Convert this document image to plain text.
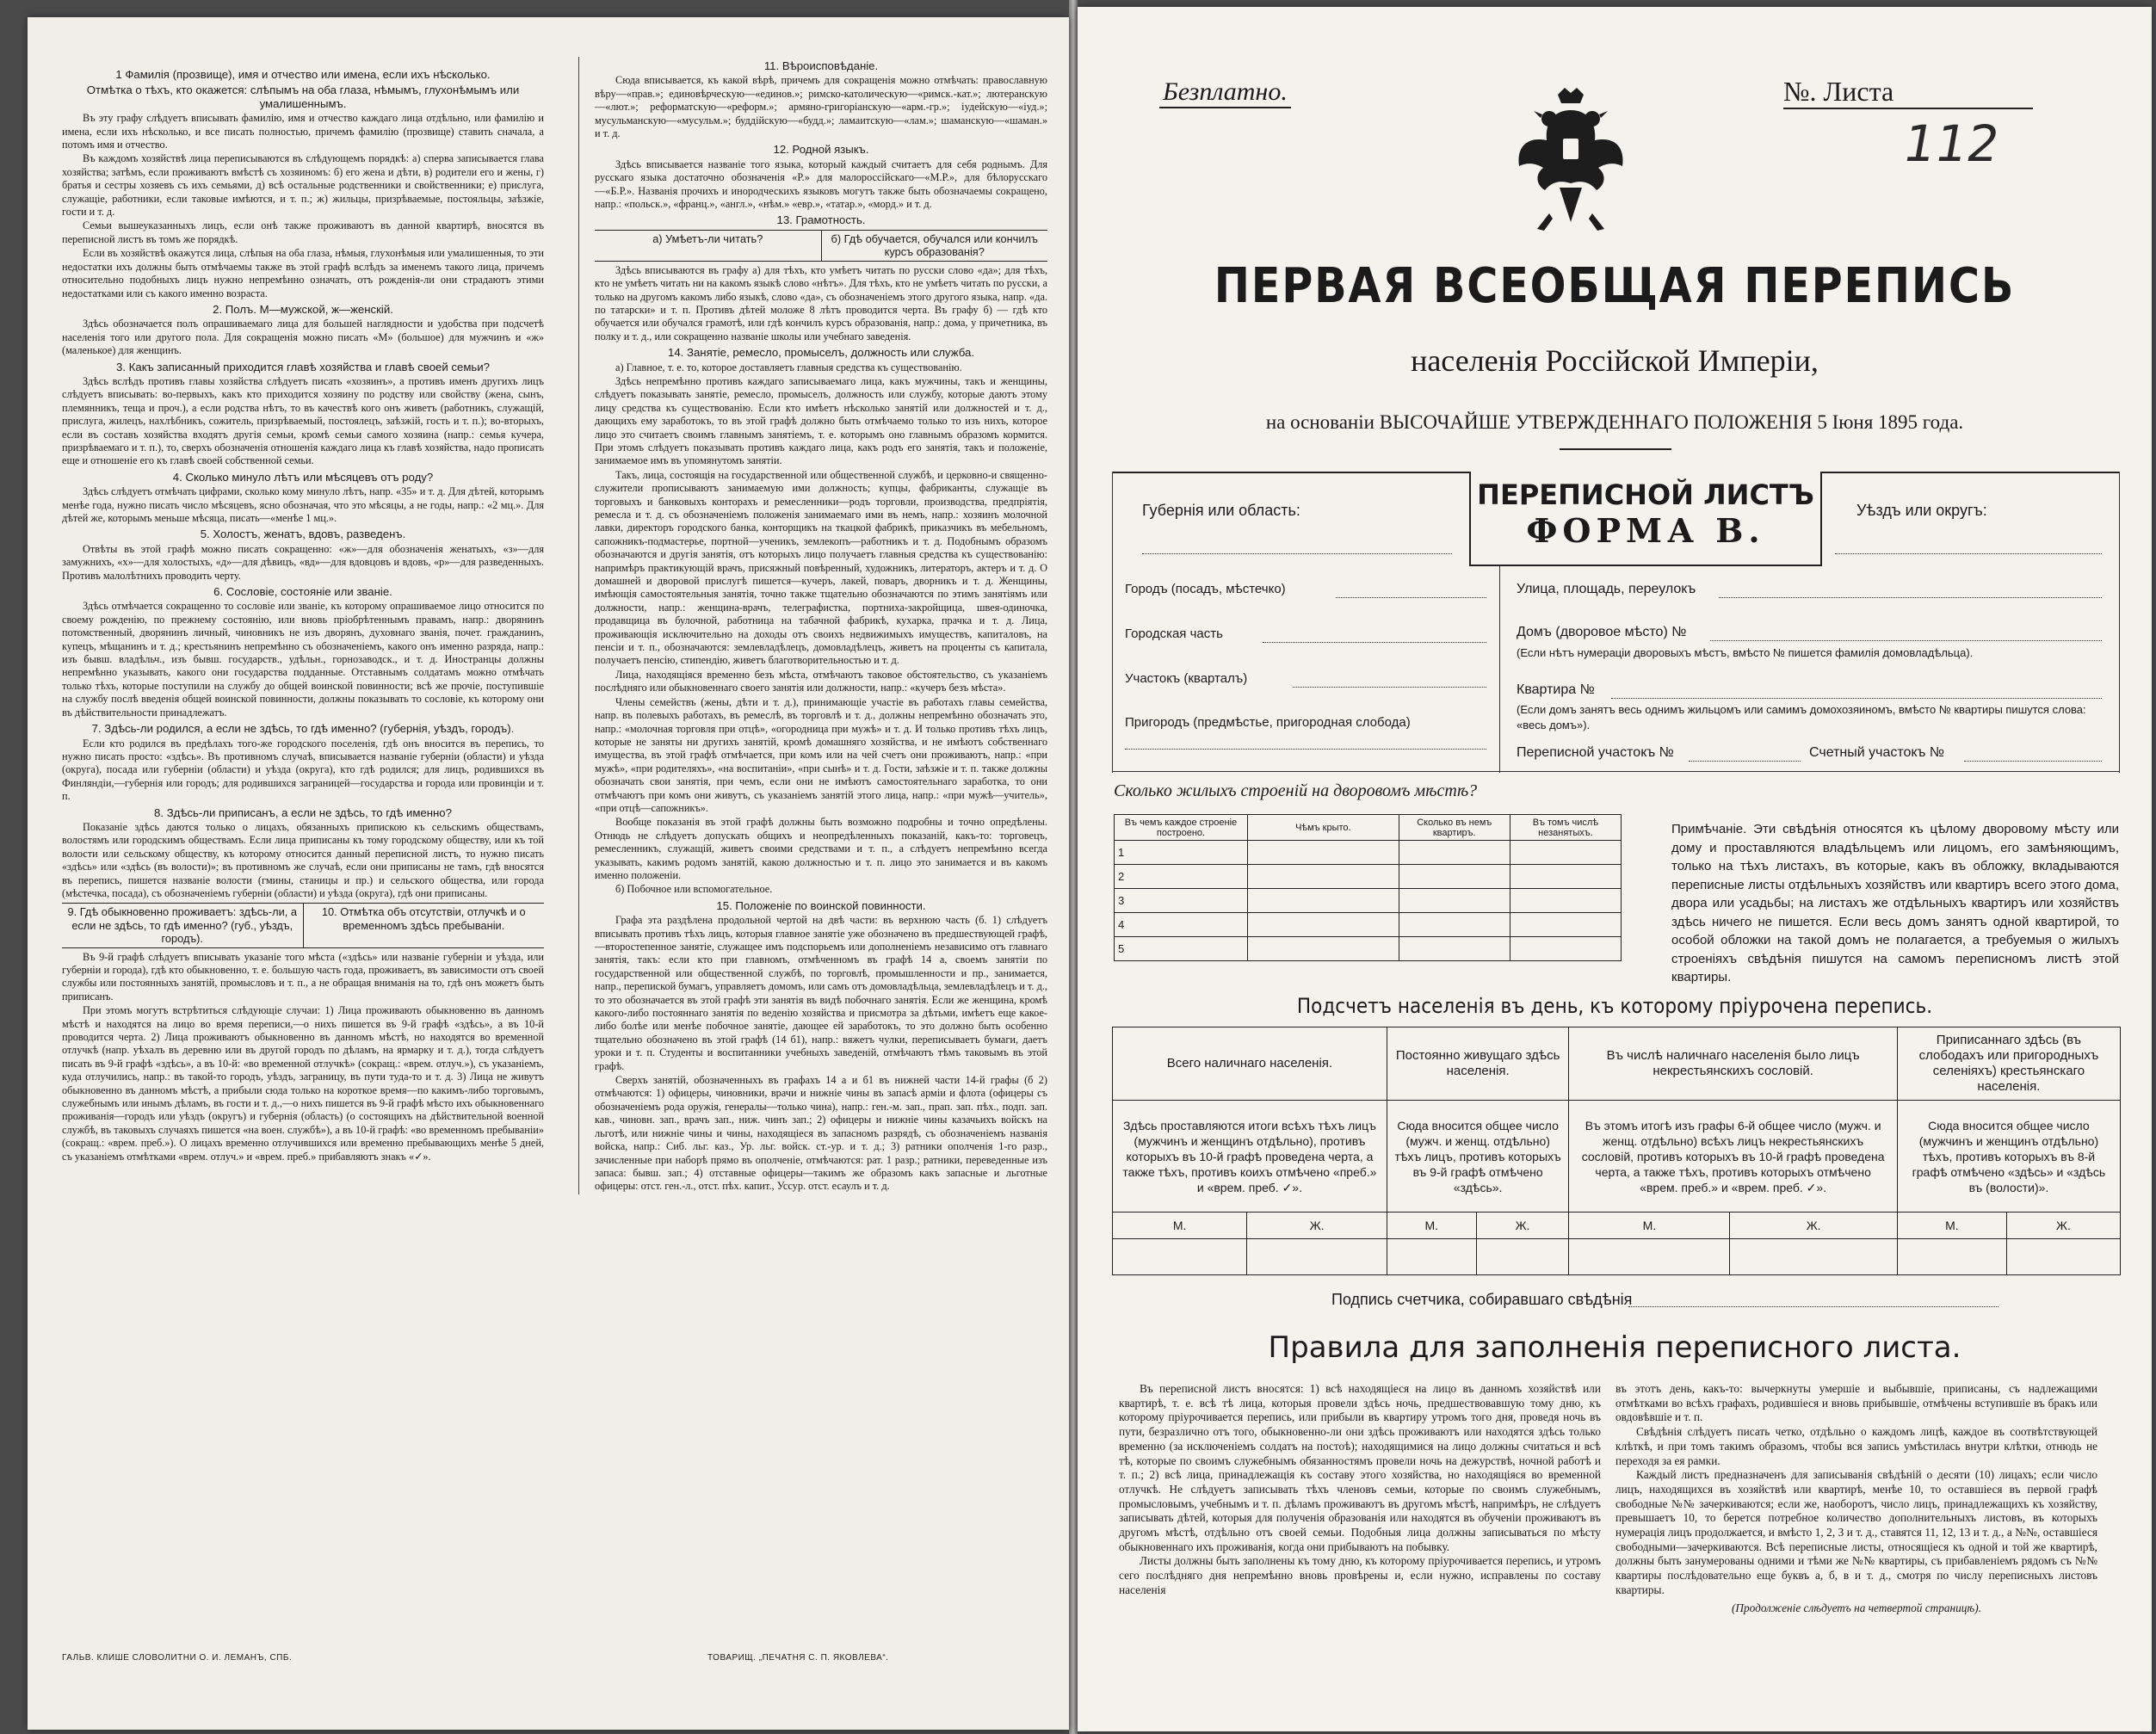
1 Фамилія (прозвище), имя и отчество или имена, если ихъ нѣсколько.
Отмѣтка о тѣхъ, кто окажется: слѣпымъ на оба глаза, нѣмымъ, глухонѣмымъ или умалишеннымъ.

Въ эту графу слѣдуетъ вписывать фамилію, имя и отчество каждаго лица отдѣльно, или фамилію и имена, если ихъ нѣсколько, и все писать полностью, причемъ фамилію (прозвище) ставить сначала, а потомъ имя и отчество.

Въ каждомъ хозяйствѣ лица переписываются въ слѣдующемъ порядкѣ: а) сперва записывается глава хозяйства; затѣмъ, если проживаютъ вмѣстѣ съ хозяиномъ: б) его жена и дѣти, в) родители его и жены, г) братья и сестры хозяевъ съ ихъ семьями, д) всѣ остальные родственники и свойственники; е) прислуга, служащіе, работники, если таковые имѣются, и т. п.; ж) жильцы, призрѣваемые, постояльцы, заѣзжіе, гости и т. д.

Семьи вышеуказанныхъ лицъ, если онѣ также проживаютъ въ данной квартирѣ, вносятся въ переписной листъ въ томъ же порядкѣ.

Если въ хозяйствѣ окажутся лица, слѣпыя на оба глаза, нѣмыя, глухонѣмыя или умалишенныя, то эти недостатки ихъ должны быть отмѣчаемы также въ этой графѣ вслѣдъ за именемъ такого лица, причемъ относительно подобныхъ лицъ нужно непремѣнно означать, отъ рожденія-ли они страдаютъ этими недостатками или съ какого именно возраста.

2. Полъ. М—мужской, ж—женскій.

Здѣсь обозначается полъ опрашиваемаго лица для большей наглядности и удобства при подсчетѣ населенія того или другого пола. Для сокращенія можно писать «М» (большое) для мужчинъ и «ж» (маленькое) для женщинъ.

3. Какъ записанный приходится главѣ хозяйства и главѣ своей семьи?

Здѣсь вслѣдъ противъ главы хозяйства слѣдуетъ писать «хозяинъ», а противъ именъ другихъ лицъ слѣдуетъ вписывать: во-первыхъ, какъ кто приходится хозяину по родству или свойству (жена, сынъ, племянникъ, теща и проч.), а если родства нѣтъ, то въ качествѣ кого онъ живетъ (работникъ, служащій, прислуга, жилецъ, нахлѣбникъ, сожитель, призрѣваемый, постоялецъ, заѣзжій, гость и т. п.); во-вторыхъ, если въ составъ хозяйства входятъ другія семьи, кромѣ семьи самого хозяина (напр.: семья кучера, призрѣваемаго и т. п.), то, сверхъ обозначенія отношенія каждаго лица къ главѣ хозяйства, надо прописать еще и отношеніе его къ главѣ своей собственной семьи.

4. Сколько минуло лѣтъ или мѣсяцевъ отъ роду?

Здѣсь слѣдуетъ отмѣчать цифрами, сколько кому минуло лѣтъ, напр. «35» и т. д. Для дѣтей, которымъ менѣе года, нужно писать число мѣсяцевъ, ясно обозначая, что это мѣсяцы, а не годы, напр.: «2 мц.». Для дѣтей же, которымъ меньше мѣсяца, писать—«менѣе 1 мц.».

5. Холостъ, женатъ, вдовъ, разведенъ.

Отвѣты въ этой графѣ можно писать сокращенно: «ж»—для обозначенія женатыхъ, «з»—для замужнихъ, «х»—для холостыхъ, «д»—для дѣвицъ, «вд»—для вдовцовъ и вдовъ, «р»—для разведенныхъ. Противъ малолѣтнихъ проводить черту.

6. Сословіе, состояніе или званіе.

Здѣсь отмѣчается сокращенно то сословіе или званіе, къ которому опрашиваемое лицо относится по своему рожденію, по прежнему состоянію, или вновь пріобрѣтеннымъ правамъ, напр.: дворянинъ потомственный, дворянинъ личный, чиновникъ не изъ дворянъ, духовнаго званія, почет. гражданинъ, купецъ, мѣщанинъ и т. д.; крестьянинъ непремѣнно съ обозначеніемъ, какого онъ именно разряда, напр.: изъ бывш. владѣльч., изъ бывш. государств., удѣльн., горнозаводск., и т. д. Иностранцы должны непремѣнно указывать, какого они государства подданные. Отставнымъ солдатамъ можно отмѣчать только тѣхъ, которые поступили на службу до общей воинской повинности; всѣ же прочіе, поступившіе на службу послѣ введенія общей воинской повинности, должны показывать то сословіе, къ которому они въ дѣйствительности принадлежатъ.

7. Здѣсь-ли родился, а если не здѣсь, то гдѣ именно? (губернія, уѣздъ, городъ).

Если кто родился въ предѣлахъ того-же городского поселенія, гдѣ онъ вносится въ перепись, то нужно писать просто: «здѣсь». Въ противномъ случаѣ, вписывается названіе губерніи (области) и уѣзда (округа), посада или губерніи (области) и уѣзда (округа), кто гдѣ родился; для лицъ, родившихся въ Финляндіи,—губернія или городъ; для родившихся заграницей—государства и города или провинціи и т. п.

8. Здѣсь-ли приписанъ, а если не здѣсь, то гдѣ именно?

Показаніе здѣсь даются только о лицахъ, обязанныхъ припискою къ сельскимъ обществамъ, волостямъ или городскимъ обществамъ. Если лица приписаны къ тому городскому обществу, или къ той волости или сельскому обществу, къ которому относится данный переписной листъ, то нужно писать «здѣсь» или «здѣсь (въ волости)»; въ противномъ же случаѣ, если они приписаны не тамъ, гдѣ вносятся въ перепись, пишется названіе волости (гмины, станицы и пр.) и сельского общества, или города (мѣстечка, посада), съ обозначеніемъ губерніи (области) и уѣзда (округа), гдѣ они приписаны.

9. Гдѣ обыкновенно проживаетъ: здѣсь-ли, а если не здѣсь, то гдѣ именно? (губ., уѣздъ, городъ).
10. Отмѣтка объ отсутствіи, отлучкѣ и о временномъ здѣсь пребываніи.

Въ 9-й графѣ слѣдуетъ вписывать указаніе того мѣста («здѣсь» или названіе губерніи и уѣзда, или губерніи и города), гдѣ кто обыкновенно, т. е. большую часть года, проживаетъ, въ зависимости отъ своей службы или постоянныхъ занятій, промысловъ и т. п., а не обращая вниманія на то, гдѣ онъ можетъ быть приписанъ.

При этомъ могутъ встрѣтиться слѣдующіе случаи: 1) Лица проживають обыкновенно въ данномъ мѣстѣ и находятся на лицо во время переписи,—о нихъ пишется въ 9-й графѣ «здѣсь», а въ 10-й проводится черта. 2) Лица проживаютъ обыкновенно въ данномъ мѣстѣ, но находятся во временной отлучкѣ (напр. уѣхалъ въ деревню или въ другой городъ по дѣламъ, на ярмарку и т. д.), тогда слѣдуетъ писать въ 9-й графѣ «здѣсь», а въ 10-й: «во временной отлучкѣ» (сокращ.: «врем. отлуч.»), съ указаніемъ, куда отлучились, напр.: въ такой-то городъ, уѣздъ, заграницу, въ пути туда-то и т. д. 3) Лица не живутъ обыкновенно въ данномъ мѣстѣ, а прибыли сюда только на короткое время—по какимъ-либо торговымъ, служебнымъ или инымъ дѣламъ, въ гости и т. д.,—о нихъ пишется въ 9-й графѣ мѣсто ихъ обыкновеннаго проживанія—городъ или уѣздъ (округъ) и губернія (область) (о состоящихъ на дѣйствительной военной службѣ, въ таковыхъ случаяхъ пишется «на воен. службѣ»), а въ 10-й графѣ: «во временномъ пребываніи» (сокращ.: «врем. преб.»). О лицахъ временно отлучившихся или временно пребывающихъ менѣе 5 дней, съ указаніемъ отмѣтками «врем. отлуч.» и «врем. преб.» прибавляютъ знакъ «✓».

11. Вѣроисповѣданіе.

Сюда вписывается, къ какой вѣрѣ, причемъ для сокращенія можно отмѣчать: православную вѣру—«прав.»; единовѣрческую—«единов.»; римско-католическую—«римск.-кат.»; лютеранскую—«лют.»; реформатскую—«реформ.»; армяно-григоріанскую—«арм.-гр.»; іудейскую—«іуд.»; мусульманскую—«мусульм.»; буддійскую—«будд.»; ламаитскую—«лам.»; шаманскую—«шаман.» и т. д.

12. Родной языкъ.

Здѣсь вписывается названіе того языка, который каждый считаетъ для себя роднымъ. Для русскаго языка достаточно обозначенія «Р.» для малороссійскаго—«М.Р.», для бѣлорусскаго—«Б.Р.». Названія прочихъ и инородческихъ языковъ могутъ также быть обозначаемы сокращено, напр.: «польск.», «франц.», «англ.», «нѣм.» «евр.», «татар.», «морд.» и т. д.

13. Грамотность.
а) Умѣетъ-ли читать?	б) Гдѣ обучается, обучался или кончилъ курсъ образованія?

Здѣсь вписываются въ графу а) для тѣхъ, кто умѣетъ читать по русски слово «да»; для тѣхъ, кто не умѣетъ читать ни на какомъ языкѣ слово «нѣтъ». Для тѣхъ, кто не умѣетъ читать по русски, а только на другомъ какомъ либо языкѣ, слово «да», съ обозначеніемъ этого другого языка, напр. «да. по татарски» и т. п. Противъ дѣтей моложе 8 лѣтъ проводится черта. Въ графу б) — гдѣ кто обучается или обучался грамотѣ, или гдѣ кончилъ курсъ образованія, напр.: дома, у причетника, въ полку и т. д., или сокращенно названіе школы или учебнаго заведенія.

14. Занятіе, ремесло, промыселъ, должность или служба.

а) Главное, т. е. то, которое доставляетъ главныя средства къ существованію.

Здѣсь непремѣнно противъ каждаго записываемаго лица, какъ мужчины, такъ и женщины, слѣдуетъ показывать занятіе, ремесло, промыселъ, должность или службу, которые даютъ этому лицу средства къ существованію. Если кто имѣетъ нѣсколько занятій или должностей и т. д., дающихъ ему заработокъ, то въ этой графѣ должно быть отмѣчаемо только то изъ нихъ, которое лицо это считаетъ своимъ главнымъ занятіемъ, т. е. которымъ оно главнымъ образомъ кормится. При этомъ слѣдуетъ показывать противъ каждаго лица, какъ родъ его занятія, такъ и положеніе, занимаемое имъ въ упомянутомъ занятіи.

Такъ, лица, состоящія на государственной или общественной службѣ, и церковно-и священно-служители прописываютъ занимаемую ими должность; купцы, фабриканты, служащіе въ торговыхъ и банковыхъ конторахъ и ремесленники—родъ торговли, производства, предпріятія, ремесла и т. д. съ обозначеніемъ положенія занимаемаго ими въ немъ, напр.: хозяинъ молочной лавки, директоръ городского банка, конторщикъ на ткацкой фабрикѣ, приказчикъ въ мебельномъ, сапожникъ-подмастерье, портной—ученикъ, землекопъ—работникъ и т. д. Подобнымъ образомъ обозначаются и другія занятія, отъ которыхъ лицо получаетъ главныя средства къ существованію: напримѣръ практикующій врачъ, присяжный повѣренный, художникъ, литераторъ, актеръ и т. д. О домашней и дворовой прислугѣ пишется—кучеръ, лакей, поваръ, дворникъ и т. д. Женщины, имѣющія самостоятельныя занятія, точно также тщательно обозначаются по этимъ занятіямъ или должности, напр.: женщина-врачъ, телеграфистка, портниха-закройщица, швея-одиночка, продавщица въ булочной, работница на табачной фабрикѣ, кухарка, прачка и т. д. Лица, проживающія исключительно на доходы отъ своихъ недвижимыхъ имуществъ, капиталовъ, на пенсіи и т. п., обозначаются: землевладѣлецъ, домовладѣлецъ, живетъ на проценты съ капитала, получаетъ пенсію, стипендію, живетъ благотворительностью и т. д.

Лица, находящіяся временно безъ мѣста, отмѣчаютъ таковое обстоятельство, съ указаніемъ послѣдняго или обыкновеннаго своего занятія или должности, напр.: «кучеръ безъ мѣста».

Члены семействъ (жены, дѣти и т. д.), принимающіе участіе въ работахъ главы семейства, напр. въ полевыхъ работахъ, въ ремеслѣ, въ торговлѣ и т. д., должны непремѣнно обозначать это, напр.: «молочная торговля при отцѣ», «огородница при мужѣ» и т. д. И только противъ тѣхъ лицъ, которые не заняты ни другихъ занятій, кромѣ домашняго хозяйства, и не имѣютъ собственнаго имущества, въ этой графѣ отмѣчается, при комъ или на чей счетъ они проживаютъ, напр.: «при мужѣ», «при родителяхъ», «на воспитаніи», «при сынѣ» и т. д. Гости, заѣзжіе и т. п. также должны обозначать свои занятія, при чемъ, если они не имѣютъ самостоятельнаго заработка, то они отмѣчаютъ при комъ они живутъ, съ указаніемъ занятій этого лица, напр.: «при мужѣ—учитель», «при отцѣ—сапожникъ».

Вообще показанія въ этой графѣ должны быть возможно подробны и точно опредѣлены. Отнюдь не слѣдуетъ допускать общихъ и неопредѣленныхъ показаній, какъ-то: торговецъ, ремесленникъ, служащій, живетъ своими средствами и т. п., а слѣдуетъ непремѣнно всегда указывать, какимъ родомъ занятій, какою должностью и т. п. лицо это занимается и въ какомъ именно положеніи.

б) Побочное или вспомогательное.

15. Положеніе по воинской повинности.

Графа эта раздѣлена продольной чертой на двѣ части: въ верхнюю часть (б. 1) слѣдуетъ вписывать противъ тѣхъ лицъ, которыя главное занятіе уже обозначено въ предшествующей графѣ,—второстепенное занятіе, служащее имъ подспорьемъ или дополненіемъ независимо отъ главнаго занятія, такъ: если кто при главномъ, отмѣченномъ въ графѣ 14 а, своемъ занятіи по государственной или общественной службѣ, по торговлѣ, промышленности и пр., занимается, напр., перепиской бумагъ, управляетъ домомъ, или самъ отъ домовладѣльца, землевладѣлецъ и т. д., то это обозначается въ этой графѣ эти занятія въ видѣ побочнаго занятія. Если же женщина, кромѣ какого-либо постояннаго занятія по веденію хозяйства и присмотра за дѣтьми, имѣетъ еще какое-либо болѣе или менѣе побочное занятіе, дающее ей заработокъ, то это должно быть особенно тщательно обозначено въ этой графѣ (14 б1), напр.: вяжетъ чулки, переписываетъ бумаги, даетъ уроки и т. п. Студенты и воспитанники учебныхъ заведеній, отмѣчаютъ тѣмъ таковымъ въ этой графѣ.

Сверхъ занятій, обозначенныхъ въ графахъ 14 а и б1 въ нижней части 14-й графы (б 2) отмѣчаются: 1) офицеры, чиновники, врачи и нижніе чины въ запасѣ арміи и флота (офицеры съ обозначеніемъ рода оружія, генералы—только чина), напр.: ген.-м. зап., прап. зап. пѣх., подп. зап. кав., чиновн. зап., врачъ зап., ниж. чинъ зап.; 2) офицеры и нижніе чины казачьихъ войскъ на льготѣ, или нижніе чины и чины, находящіеся въ запасномъ разрядѣ, съ обозначеніемъ названія войска, напр.: Сиб. льг. каз., Ур. льг. войск. ст.-ур. и т. д.; 3) ратники ополченія 1-го разр., зачисленные при наборѣ прямо въ ополченіе, отмѣчаются: рат. 1 разр.; ратники, переведенные изъ запаса: бывш. зап.; 4) отставные офицеры—такимъ же образомъ какъ запасные и льготные офицеры: отст. ген.-л., отст. пѣх. капит., Уссур. отст. есаулъ и т. д.

ГАЛЬВ. КЛИШЕ СЛОВОЛИТНИ О. И. ЛЕМАНЪ, СПБ.	ТОВАРИЩ. „ПЕЧАТНЯ С. П. ЯКОВЛЕВА“.
Безплатно.	№. Листа
112
ПЕРВАЯ ВСЕОБЩАЯ ПЕРЕПИСЬ
населенія Россійской Имперіи,
на основаніи ВЫСОЧАЙШЕ УТВЕРЖДЕННАГО ПОЛОЖЕНІЯ 5 Іюня 1895 года.
ПЕРЕПИСНОЙ ЛИСТЪ
ФОРМА В.
Губернія или область:	Уѣздъ или округъ:
Городъ (посадъ, мѣстечко)
Городская часть
Участокъ (кварталъ)
Пригородъ (предмѣстье, пригородная слобода)
Улица, площадь, переулокъ
Домъ (дворовое мѣсто) №
(Если нѣтъ нумераціи дворовыхъ мѣстъ, вмѣсто № пишется фамилія домовладѣльца).
Квартира №
(Если домъ занятъ весь однимъ жильцомъ или самимъ домохозяиномъ, вмѣсто № квартиры пишутся слова: «весь домъ»).
Переписной участокъ №	Счетный участокъ №
Сколько жилыхъ строеній на дворовомъ мѣстѣ?
Въ чемъ каждое строеніе построено.	Чѣмъ крыто.	Сколько въ немъ квартиръ.	Въ томъ числѣ незанятыхъ.
1			
2			
3			
4			
5			
Примѣчаніе. Эти свѣдѣнія относятся къ цѣлому дворовому мѣсту или дому и проставляются владѣльцемъ или лицомъ, его замѣняющимъ, только на тѣхъ листахъ, въ которые, какъ въ обложку, вкладываются переписные листы отдѣльныхъ хозяйствъ или квартиръ всего этого дома, двора или усадьбы; на листахъ же отдѣльныхъ квартиръ или хозяйствъ здѣсь ничего не пишется. Если весь домъ занятъ одной квартирой, то особой обложки на такой домъ не полагается, а требуемыя о жилыхъ строеніяхъ свѣдѣнія пишутся на самомъ переписномъ листѣ этой квартиры.
Подсчетъ населенія въ день, къ которому пріурочена перепись.
Всего наличнаго населенія.		Постоянно живущаго здѣсь населенія.		Въ числѣ наличнаго населенія было лицъ некрестьянскихъ сословій.		Приписаннаго здѣсь (въ слободахъ или пригородныхъ селеніяхъ) крестьянскаго населенія.	
Здѣсь проставляются итоги всѣхъ тѣхъ лицъ (мужчинъ и женщинъ отдѣльно), противъ которыхъ въ 10-й графѣ проведена черта, а также тѣхъ, противъ коихъ отмѣчено «преб.» и «врем. преб. ✓».		Сюда вносится общее число (мужч. и женщ. отдѣльно) тѣхъ лицъ, противъ которыхъ въ 9-й графѣ отмѣчено «здѣсь».		Въ этомъ итогѣ изъ графы 6-й общее число (мужч. и женщ. отдѣльно) всѣхъ лицъ некрестьянскихъ сословій, противъ которыхъ въ 10-й графѣ проведена черта, а также тѣхъ, противъ которыхъ отмѣчено «врем. преб.» и «врем. преб. ✓».		Сюда вносится общее число (мужчинъ и женщинъ отдѣльно) тѣхъ, противъ которыхъ въ 8-й графѣ отмѣчено «здѣсь» и «здѣсь въ (волости)».	
М.	Ж.	М.	Ж.	М.	Ж.	М.	Ж.

Подпись счетчика, собиравшаго свѣдѣнія
Правила для заполненія переписного листа.

Въ переписной листъ вносятся: 1) всѣ находящіеся на лицо въ данномъ хозяйствѣ или квартирѣ, т. е. всѣ тѣ лица, которыя провели здѣсь ночь, предшествовавшую тому дню, къ которому пріурочивается перепись, или прибыли въ квартиру утромъ того дня, проведя ночь въ пути, безразлично отъ того, обыкновенно-ли они здѣсь проживаютъ или находятся здѣсь только временно (за исключеніемъ солдатъ на постоѣ); находящимися на лицо должны считаться и всѣ тѣ, которые по своимъ служебнымъ обязанностямъ провели ночь на дежурствѣ, ночной работѣ и т. п.; 2) всѣ лица, принадлежащія къ составу этого хозяйства, но находящіяся во временной отлучкѣ. Не слѣдуетъ записывать тѣхъ членовъ семьи, которые по своимъ служебнымъ, промысловымъ, учебнымъ и т. п. дѣламъ проживаютъ въ другомъ мѣстѣ, напримѣръ, не слѣдуетъ записывать дѣтей, которыя для полученія образованія или находятся въ обученіи проживаютъ въ другомъ мѣстѣ, отдѣльно отъ своей семьи. Подобныя лица должны записываться по мѣсту обыкновеннаго ихъ проживанія, когда они прибываютъ на побывку.

Листы должны быть заполнены къ тому дню, къ которому пріурочивается перепись, и утромъ сего послѣдняго дня непремѣнно вновь провѣрены и, если нужно, исправлены по составу населенія

въ этотъ день, какъ-то: вычеркнуты умершіе и выбывшіе, приписаны, съ надлежащими отмѣтками во всѣхъ графахъ, родившіеся и вновь прибывшіе, отмѣчены вступившіе въ бракъ или овдовѣвшіе и т. п.

Свѣдѣнія слѣдуетъ писать четко, отдѣльно о каждомъ лицѣ, каждое въ соотвѣтствующей клѣткѣ, и при томъ такимъ образомъ, чтобы вся запись умѣстилась внутри клѣтки, отнюдь не переходя за ея рамки.

Каждый листъ предназначенъ для записыванія свѣдѣній о десяти (10) лицахъ; если число лицъ, находящихся въ хозяйствѣ или квартирѣ, менѣе 10, то оставшіеся въ первой графѣ свободные №№ зачеркиваются; если же, наоборотъ, число лицъ, принадлежащихъ къ хозяйству, превышаетъ 10, то берется потребное количество дополнительныхъ листовъ, въ которыхъ нумерація лицъ продолжается, и вмѣсто 1, 2, 3 и т. д., ставятся 11, 12, 13 и т. д., а №№, оставшіеся свободными—зачеркиваются. Всѣ переписные листы, относящіеся къ одной и той же квартирѣ, должны быть занумерованы одними и тѣми же №№ квартиры, съ прибавленіемъ рядомъ съ №№ квартиры послѣдовательно еще буквъ а, б, в и т. д., смотря по числу переписныхъ листовъ квартиры.

(Продолженіе слѣдуетъ на четвертой страницѣ).
